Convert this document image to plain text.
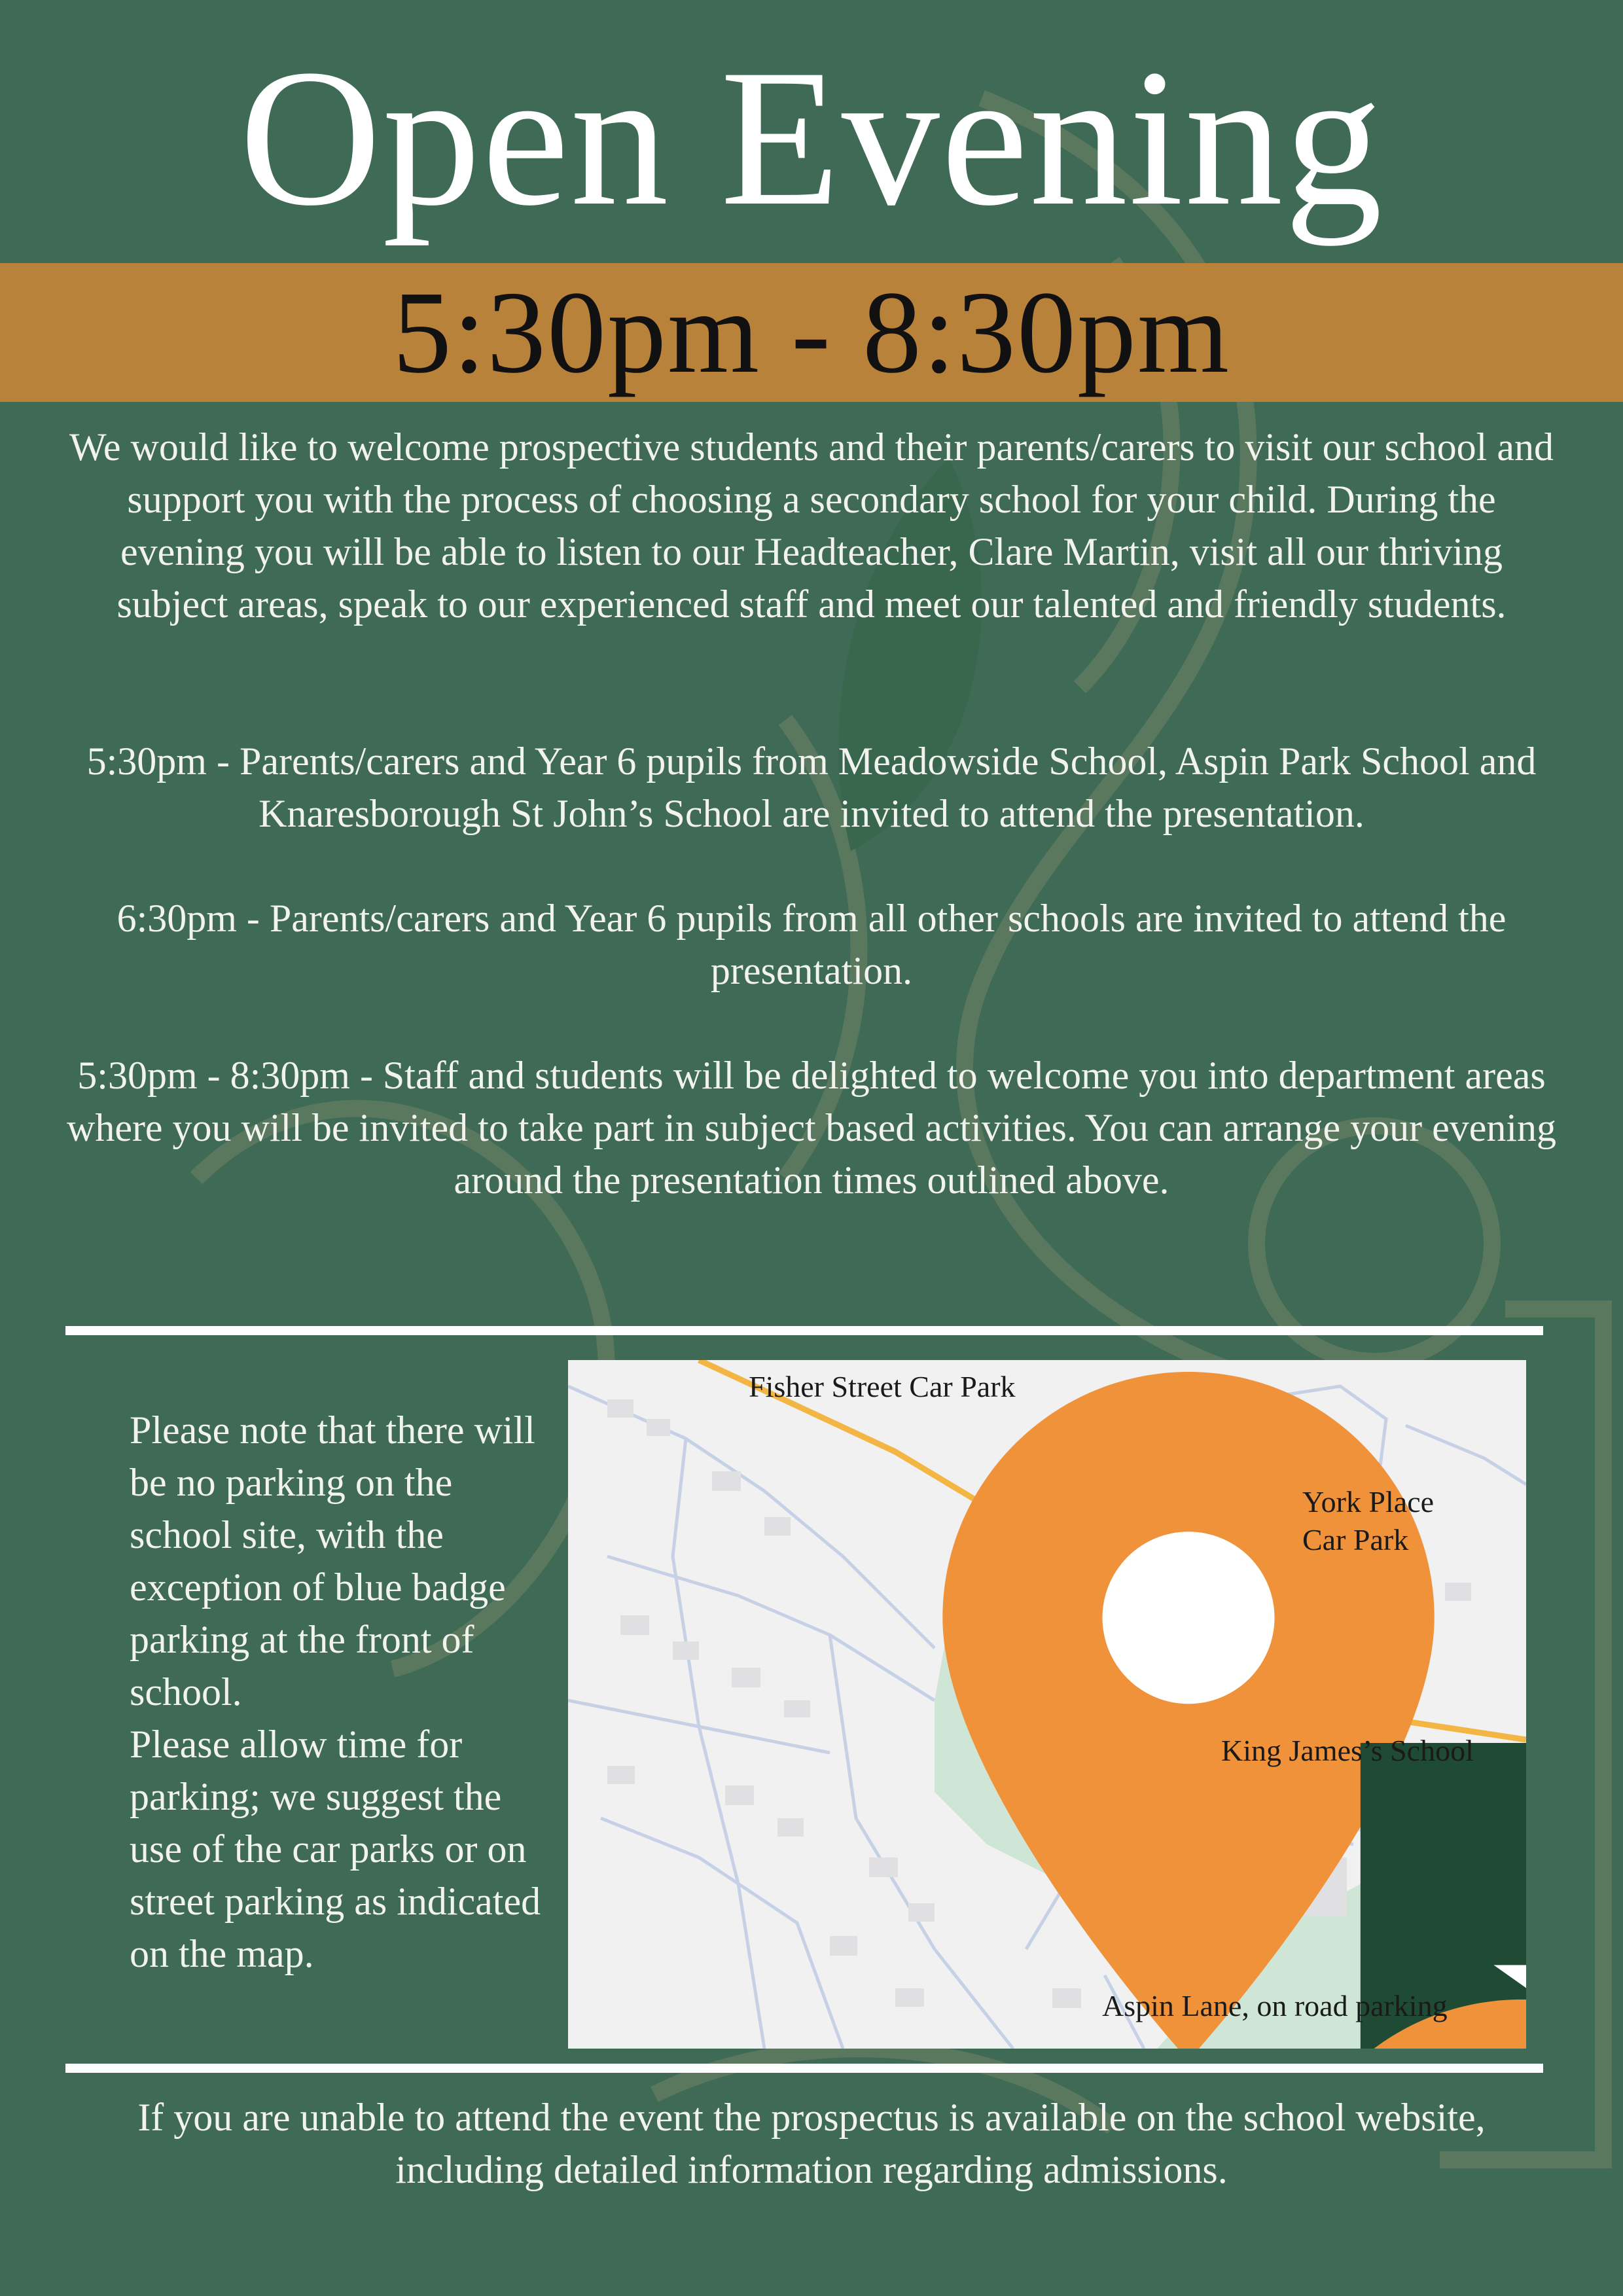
Open Evening
5:30pm - 8:30pm

We would like to welcome prospective students and their parents/carers to visit our school and support you with the process of choosing a secondary school for your child. During the evening you will be able to listen to our Headteacher, Clare Martin, visit all our thriving subject areas, speak to our experienced staff and meet our talented and friendly students.

5:30pm - Parents/carers and Year 6 pupils from Meadowside School, Aspin Park School and Knaresborough St John’s School are invited to attend the presentation.

6:30pm - Parents/carers and Year 6 pupils from all other schools are invited to attend the presentation.

5:30pm - 8:30pm - Staff and students will be delighted to welcome you into department areas where you will be invited to take part in subject based activities. You can arrange your evening around the presentation times outlined above.

Please note that there will be no parking on the school site, with the exception of blue badge parking at the front of school.

Please allow time for parking; we suggest the use of the car parks or on street parking as indicated on the map.

Fisher Street Car Park
York Place
Car Park
King James’s School
Aspin Lane, on road parking

If you are unable to attend the event the prospectus is available on the school website, including detailed information regarding admissions.
